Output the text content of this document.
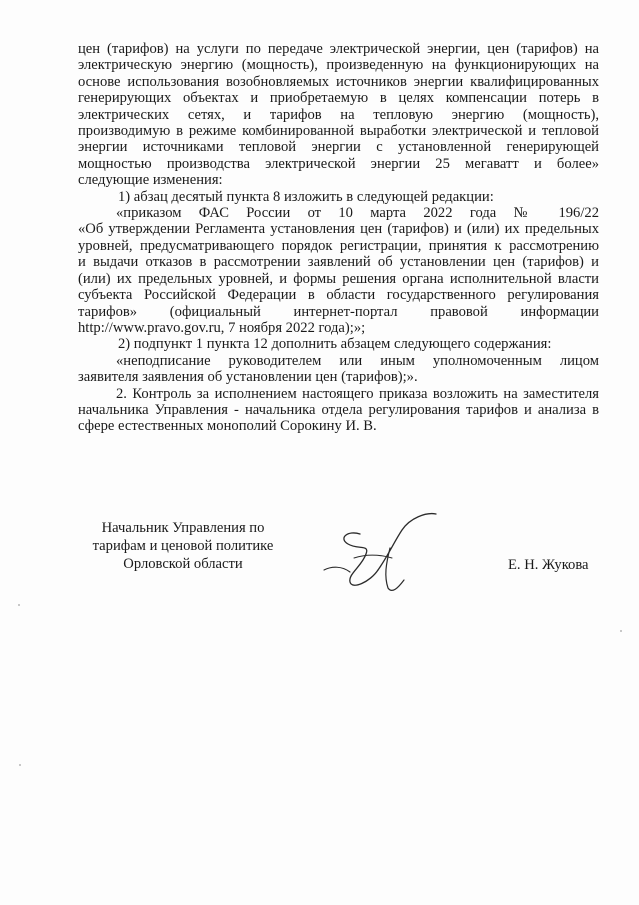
цен (тарифов) на услуги по передаче электрической энергии, цен (тарифов) на
электрическую энергию (мощность), произведенную на функционирующих на
основе использования возобновляемых источников энергии квалифицированных
генерирующих объектах и приобретаемую в целях компенсации потерь в
электрических сетях, и тарифов на тепловую энергию (мощность),
производимую в режиме комбинированной выработки электрической и тепловой
энергии источниками тепловой энергии с установленной генерирующей
мощностью производства электрической энергии 25 мегаватт и более»
следующие изменения:
1) абзац десятый пункта 8 изложить в следующей редакции:
«приказом ФАС России от 10 марта 2022 года № 196/22
«Об утверждении Регламента установления цен (тарифов) и (или) их предельных
уровней, предусматривающего порядок регистрации, принятия к рассмотрению
и выдачи отказов в рассмотрении заявлений об установлении цен (тарифов) и
(или) их предельных уровней, и формы решения органа исполнительной власти
субъекта Российской Федерации в области государственного регулирования
тарифов» (официальный интернет-портал правовой информации
http://www.pravo.gov.ru, 7 ноября 2022 года);»;
2) подпункт 1 пункта 12 дополнить абзацем следующего содержания:
«неподписание руководителем или иным уполномоченным лицом
заявителя заявления об установлении цен (тарифов);».
2. Контроль за исполнением настоящего приказа возложить на заместителя
начальника Управления - начальника отдела регулирования тарифов и анализа в
сфере естественных монополий Сорокину И. В.
Начальник Управления по
тарифам и ценовой политике
Орловской области	Е. Н. Жукова
